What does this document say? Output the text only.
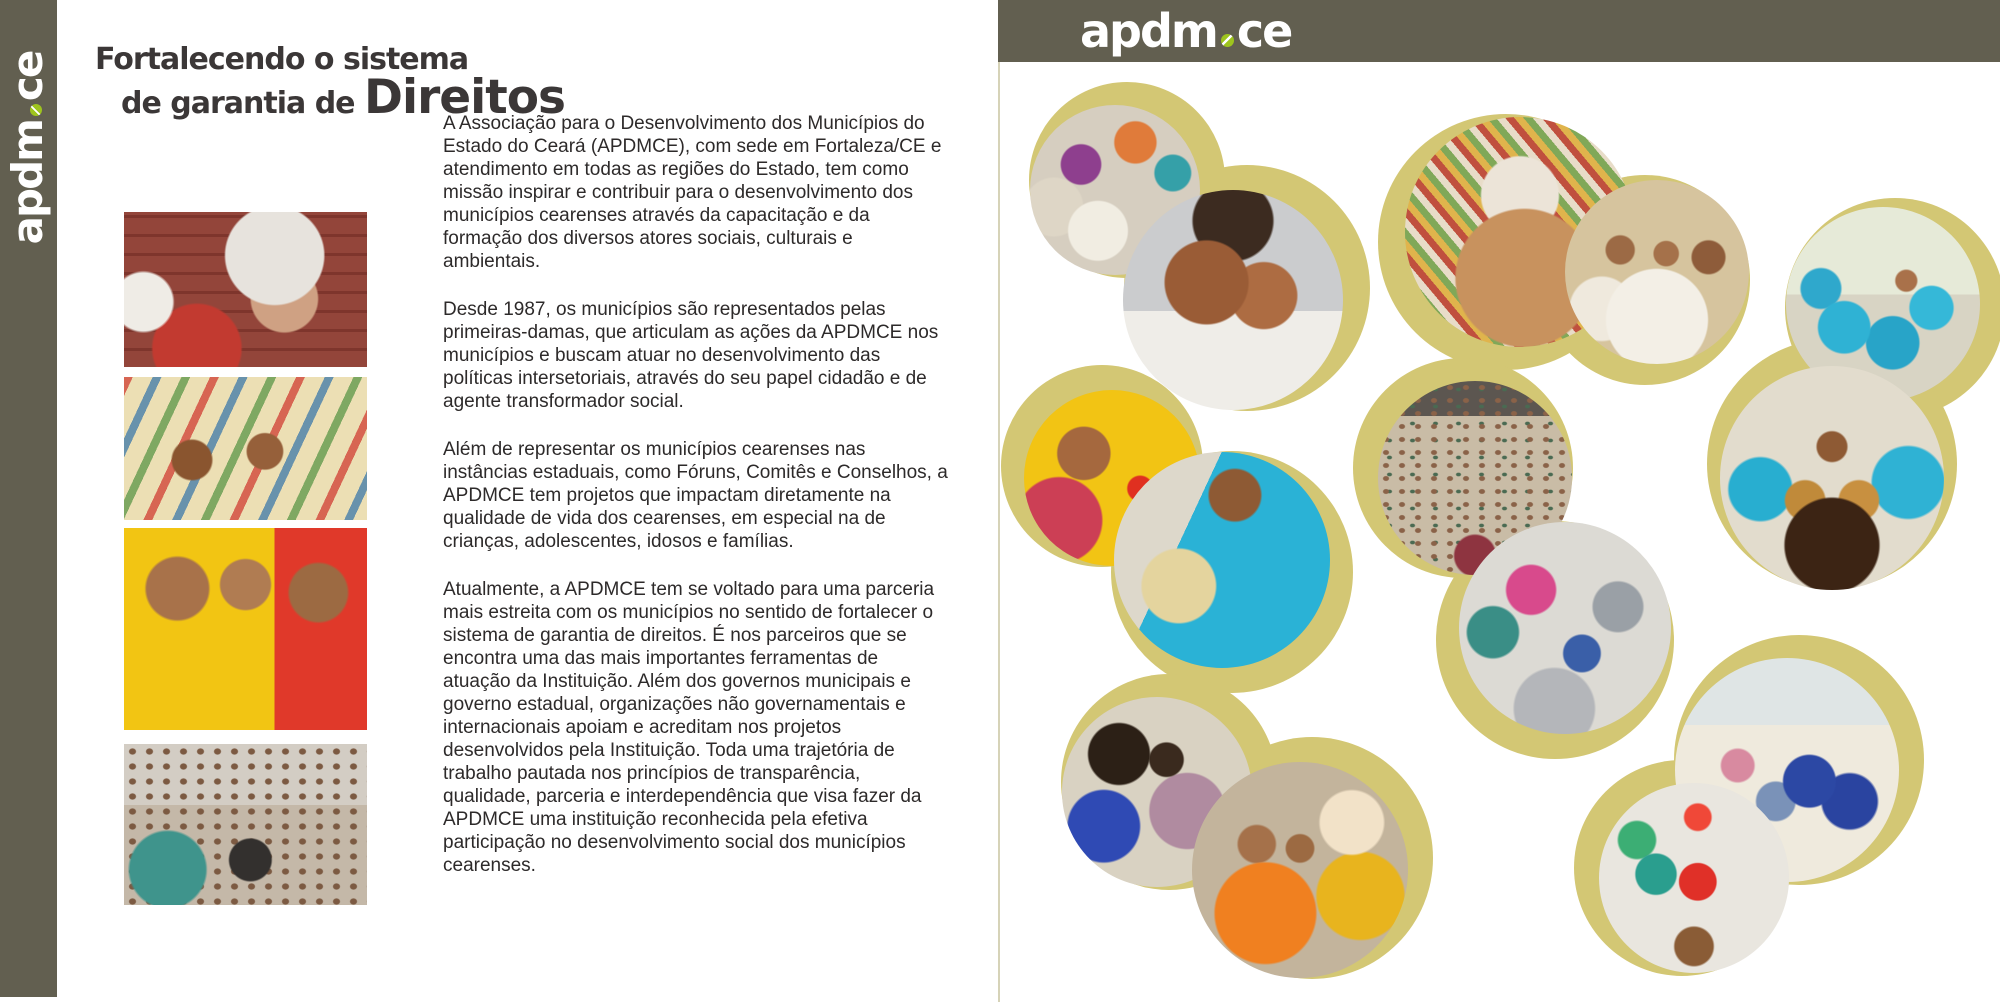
apdmce Fortalecendo o sistema
de garantia de Direitos

A Associação para o Desenvolvimento dos Municípios do Estado do Ceará (APDMCE), com sede em Fortaleza/CE e atendimento em todas as regiões do Estado, tem como missão inspirar e contribuir para o desenvolvimento dos municípios cearenses através da capacitação e da formação dos diversos atores sociais, culturais e ambientais.

Desde 1987, os municípios são representados pelas primeiras-damas, que articulam as ações da APDMCE nos municípios e buscam atuar no desenvolvimento das políticas intersetoriais, através do seu papel cidadão e de agente transformador social.

Além de representar os municípios cearenses nas instâncias estaduais, como Fóruns, Comitês e Conselhos, a APDMCE tem projetos que impactam diretamente na qualidade de vida dos cearenses, em especial na de crianças, adolescentes, idosos e famílias.

Atualmente, a APDMCE tem se voltado para uma parceria mais estreita com os municípios no sentido de fortalecer o sistema de garantia de direitos. É nos parceiros que se encontra uma das mais importantes ferramentas de atuação da Instituição. Além dos governos municipais e governo estadual, organizações não governamentais e internacionais apoiam e acreditam nos projetos desenvolvidos pela Instituição. Toda uma trajetória de trabalho pautada nos princípios de transparência, qualidade, parceria e interdependência que visa fazer da APDMCE uma instituição reconhecida pela efetiva participação no desenvolvimento social dos municípios cearenses.

apdm ce
